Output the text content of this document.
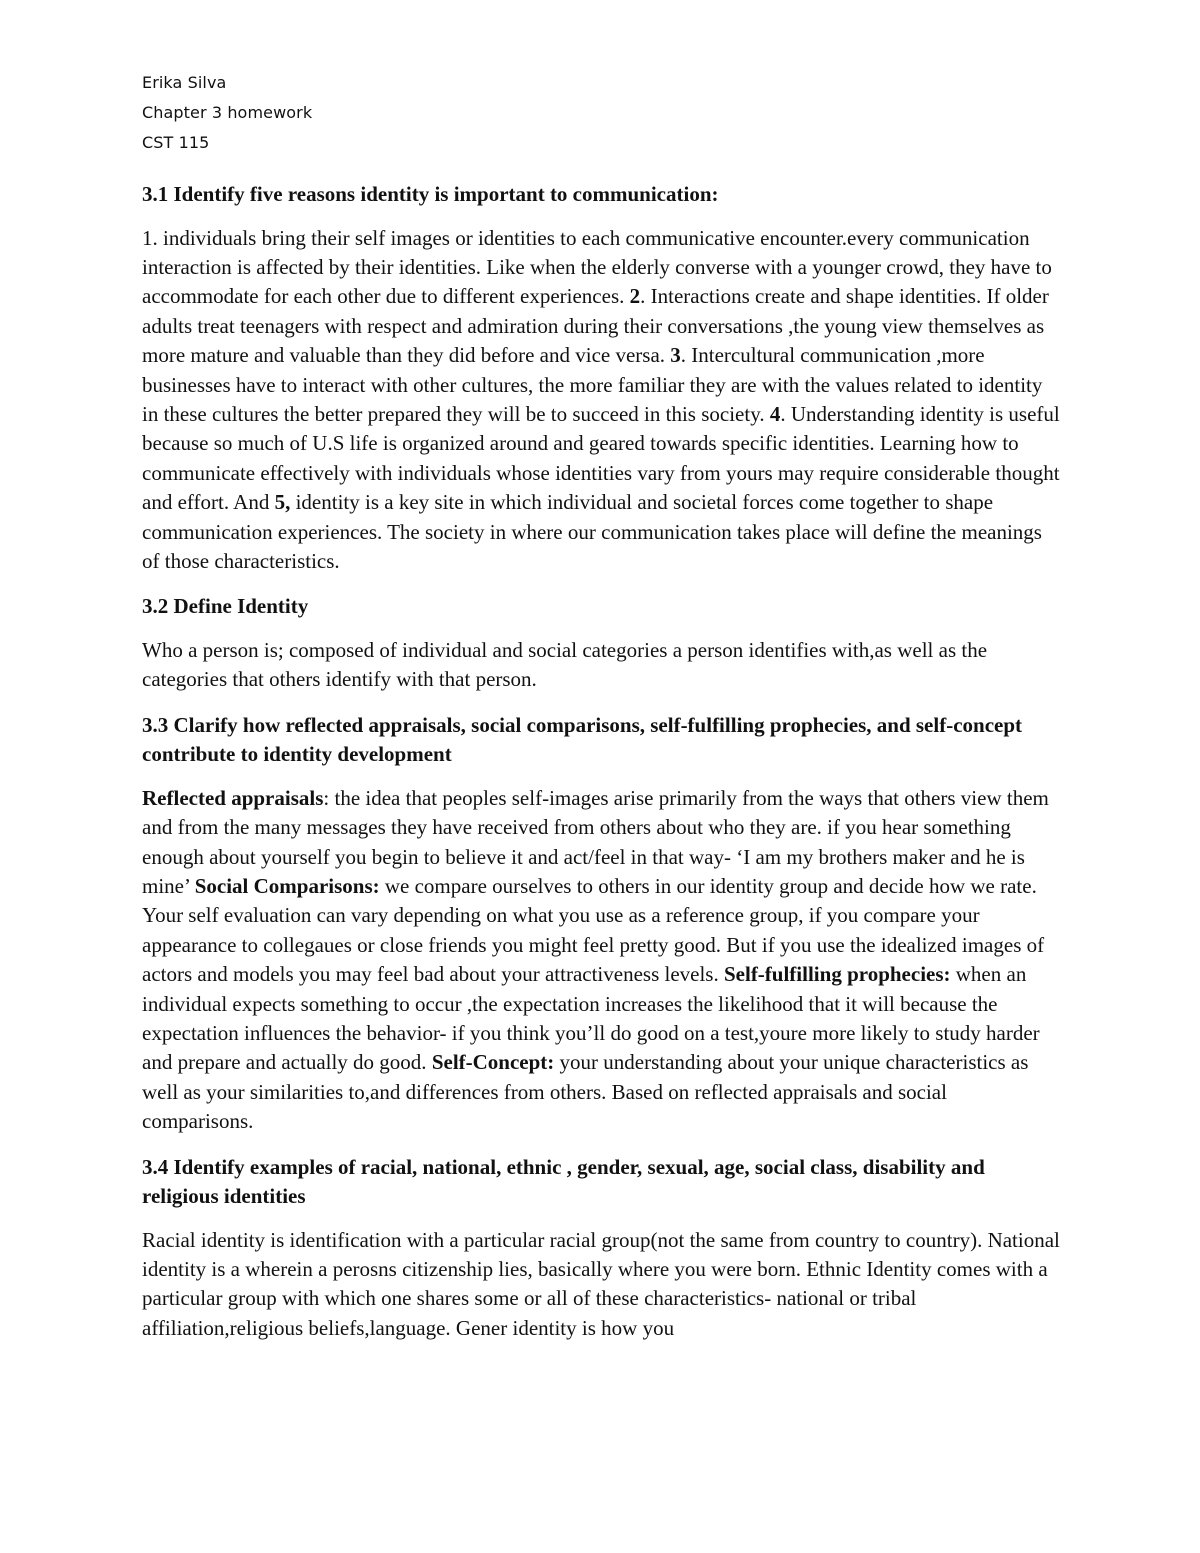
Erika Silva

Chapter 3 homework

CST 115

3.1 Identify five reasons identity is important to communication:

1. individuals bring their self images or identities to each communicative encounter.every communication interaction is affected by their identities. Like when the elderly converse with a younger crowd, they have to accommodate for each other due to different experiences. 2. Interactions create and shape identities. If older adults treat teenagers with respect and admiration during their conversations ,the young view themselves as more mature and valuable than they did before and vice versa. 3. Intercultural communication ,more businesses have to interact with other cultures, the more familiar they are with the values related to identity in these cultures the better prepared they will be to succeed in this society. 4. Understanding identity is useful because so much of U.S life is organized around and geared towards specific identities. Learning how to communicate effectively with individuals whose identities vary from yours may require considerable thought and effort. And 5, identity is a key site in which individual and societal forces come together to shape communication experiences. The society in where our communication takes place will define the meanings of those characteristics.

3.2 Define Identity

Who a person is; composed of individual and social categories a person identifies with,as well as the categories that others identify with that person.

3.3 Clarify how reflected appraisals, social comparisons, self-fulfilling prophecies, and self-concept contribute to identity development

Reflected appraisals: the idea that peoples self-images arise primarily from the ways that others view them and from the many messages they have received from others about who they are. if you hear something enough about yourself you begin to believe it and act/feel in that way- ‘I am my brothers maker and he is mine’ Social Comparisons: we compare ourselves to others in our identity group and decide how we rate. Your self evaluation can vary depending on what you use as a reference group, if you compare your appearance to collegaues or close friends you might feel pretty good. But if you use the idealized images of actors and models you may feel bad about your attractiveness levels. Self-fulfilling prophecies: when an individual expects something to occur ,the expectation increases the likelihood that it will because the expectation influences the behavior- if you think you’ll do good on a test,youre more likely to study harder and prepare and actually do good. Self-Concept: your understanding about your unique characteristics as well as your similarities to,and differences from others. Based on reflected appraisals and social comparisons.

3.4 Identify examples of racial, national, ethnic , gender, sexual, age, social class, disability and religious identities

Racial identity is identification with a particular racial group(not the same from country to country). National identity is a wherein a perosns citizenship lies, basically where you were born. Ethnic Identity comes with a particular group with which one shares some or all of these characteristics- national or tribal affiliation,religious beliefs,language. Gener identity is how you
